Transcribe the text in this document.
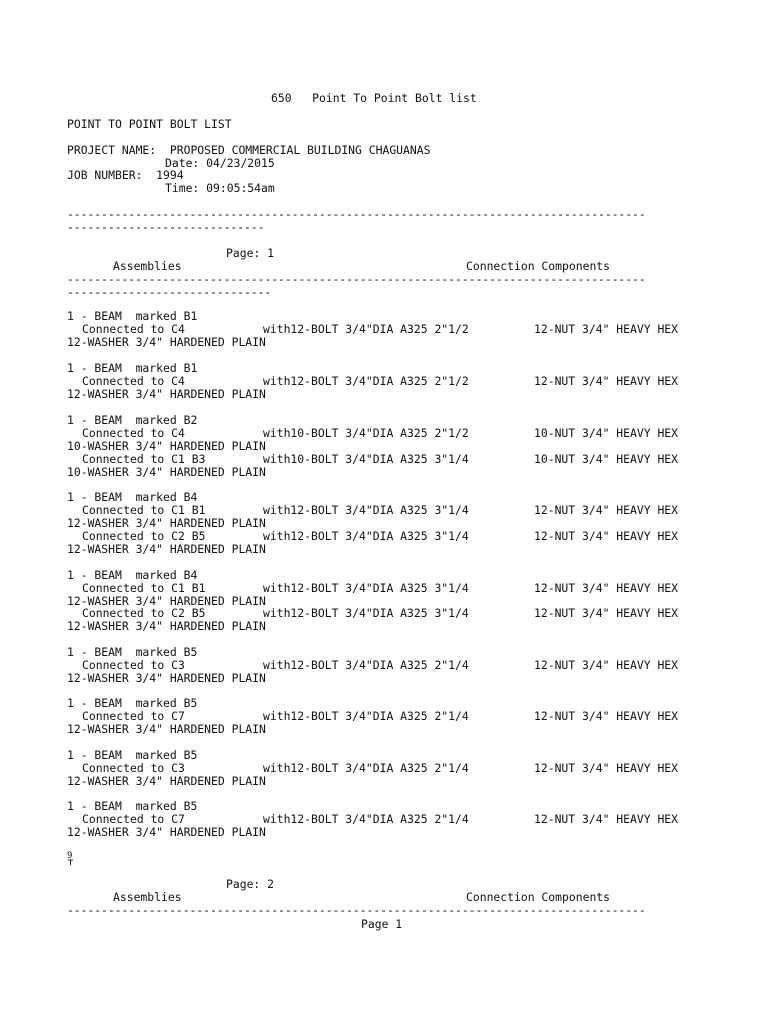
650   Point To Point Bolt list
POINT TO POINT BOLT LIST
PROJECT NAME: PROPOSED COMMERCIAL BUILDING CHAGUANAS
Date: 04/23/2015
JOB NUMBER: 1994
Time: 09:05:54am
-------------------------------------------------------------------------------------
-----------------------------
Page: 1
Assemblies	Connection Components
-------------------------------------------------------------------------------------
------------------------------
1 - BEAM  marked B1
Connected to C4	with12-BOLT 3/4"DIA A325 2"1/2	12-NUT 3/4" HEAVY HEX
12-WASHER 3/4" HARDENED PLAIN
1 - BEAM  marked B1
Connected to C4	with12-BOLT 3/4"DIA A325 2"1/2	12-NUT 3/4" HEAVY HEX
12-WASHER 3/4" HARDENED PLAIN
1 - BEAM  marked B2
Connected to C4	with10-BOLT 3/4"DIA A325 2"1/2	10-NUT 3/4" HEAVY HEX
10-WASHER 3/4" HARDENED PLAIN
Connected to C1 B3	with10-BOLT 3/4"DIA A325 3"1/4	10-NUT 3/4" HEAVY HEX
10-WASHER 3/4" HARDENED PLAIN
1 - BEAM  marked B4
Connected to C1 B1	with12-BOLT 3/4"DIA A325 3"1/4	12-NUT 3/4" HEAVY HEX
12-WASHER 3/4" HARDENED PLAIN
Connected to C2 B5	with12-BOLT 3/4"DIA A325 3"1/4	12-NUT 3/4" HEAVY HEX
12-WASHER 3/4" HARDENED PLAIN
1 - BEAM  marked B4
Connected to C1 B1	with12-BOLT 3/4"DIA A325 3"1/4	12-NUT 3/4" HEAVY HEX
12-WASHER 3/4" HARDENED PLAIN
Connected to C2 B5	with12-BOLT 3/4"DIA A325 3"1/4	12-NUT 3/4" HEAVY HEX
12-WASHER 3/4" HARDENED PLAIN
1 - BEAM  marked B5
Connected to C3	with12-BOLT 3/4"DIA A325 2"1/4	12-NUT 3/4" HEAVY HEX
12-WASHER 3/4" HARDENED PLAIN
1 - BEAM  marked B5
Connected to C7	with12-BOLT 3/4"DIA A325 2"1/4	12-NUT 3/4" HEAVY HEX
12-WASHER 3/4" HARDENED PLAIN
1 - BEAM  marked B5
Connected to C3	with12-BOLT 3/4"DIA A325 2"1/4	12-NUT 3/4" HEAVY HEX
12-WASHER 3/4" HARDENED PLAIN
1 - BEAM  marked B5
Connected to C7	with12-BOLT 3/4"DIA A325 2"1/4	12-NUT 3/4" HEAVY HEX
12-WASHER 3/4" HARDENED PLAIN

9
Page: 2
Assemblies	Connection Components
-------------------------------------------------------------------------------------
Page 1
